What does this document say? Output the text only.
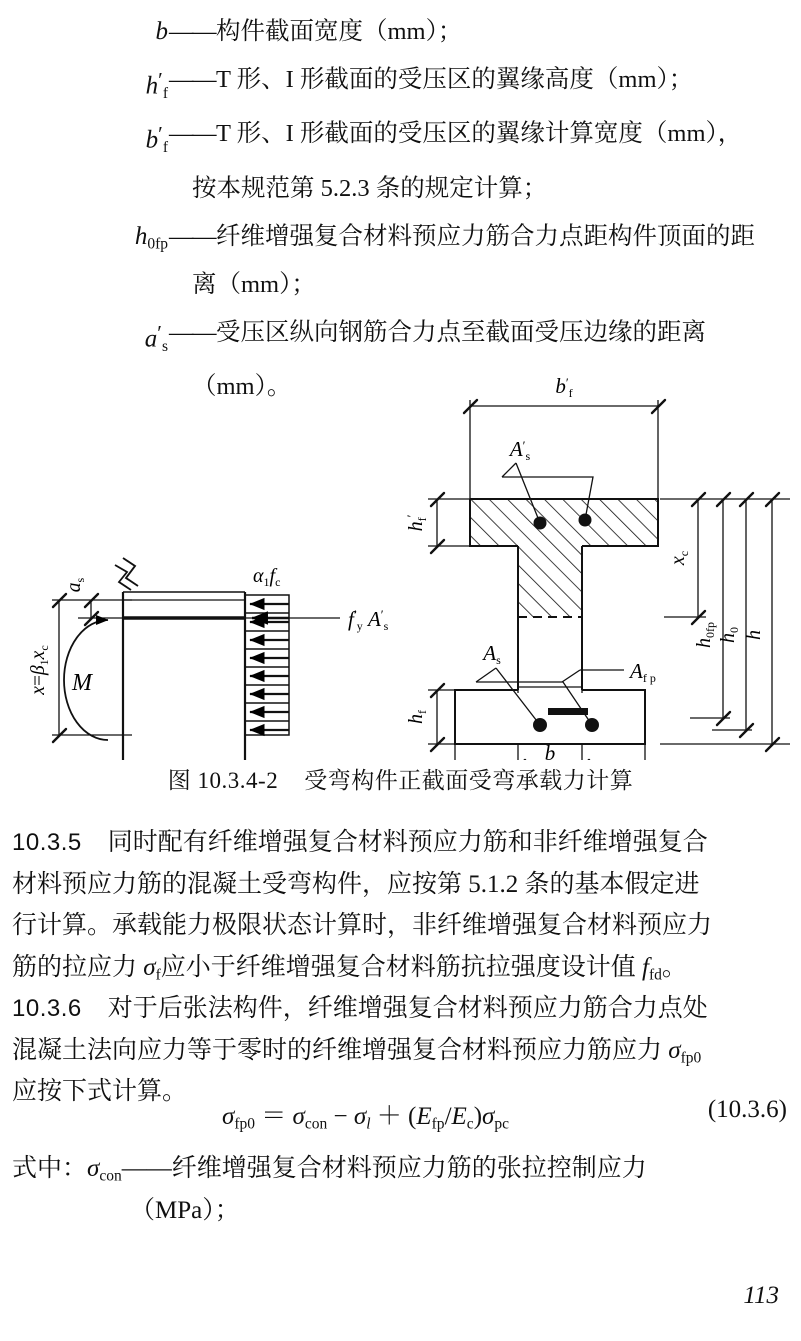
b —— 构件截面宽度（mm）；
$h'_f$
—— T 形、I 形截面的受压区的翼缘高度（mm）；
$b'_f$
—— T 形、I 形截面的受压区的翼缘计算宽度（mm），
按本规范第 5.2.3 条的规定计算；
$h_{0fp}$ —— 纤维增强复合材料预应力筋合力点距构件顶面的距
离（mm）；
$a'_s$
—— 受压区纵向钢筋合力点至截面受压边缘的距离
（mm）。
$x=\beta_1x_c$
$a_s$	$\alpha_1f_c$
$f'_y$ $A'_s$
M
$b'_f$
$h_f'$
$h_f$
$A'_s$
As	Af p
$x_c$
$h_{0fp}$ $h_0$ h
b
图 10.3.4-2 受弯构件正截面受弯承载力计算
10.3.5 同时配有纤维增强复合材料预应力筋和非纤维增强复合
材料预应力筋的混凝土受弯构件，应按第 5.1.2 条的基本假定进
行计算。承载能力极限状态计算时，非纤维增强复合材料预应力
筋的拉应力 $\sigma_f$应小于纤维增强复合材料筋抗拉强度设计值 $f_{fd}$。
10.3.6 对于后张法构件，纤维增强复合材料预应力筋合力点处
混凝土法向应力等于零时的纤维增强复合材料预应力筋应力 $\sigma_{fp0}$
应按下式计算。
$\sigma_{fp0} = \sigma_{con} - \sigma_l + (E_{fp}/E_c)\sigma_{pc}$
(10.3.6)
式中：$\sigma_{con}——$纤维增强复合材料预应力筋的张拉控制应力
（MPa）；
113
